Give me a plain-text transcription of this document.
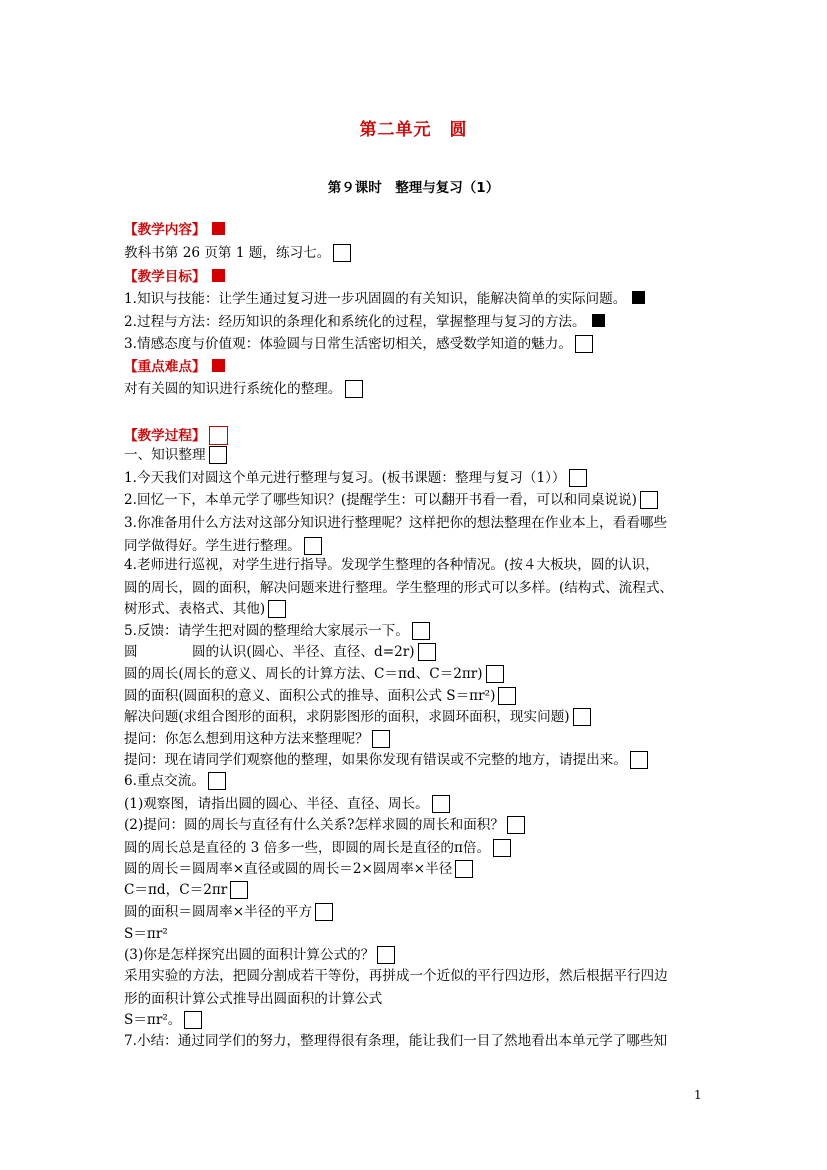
第二单元　圆
第９课时　整理与复习（1）
【教学内容】
教科书第 26 页第 1 题，练习七。
【教学目标】
1.知识与技能：让学生通过复习进一步巩固圆的有关知识，能解决简单的实际问题。
2.过程与方法：经历知识的条理化和系统化的过程，掌握整理与复习的方法。
3.情感态度与价值观：体验圆与日常生活密切相关，感受数学知道的魅力。
【重点难点】
对有关圆的知识进行系统化的整理。
【教学过程】
一、知识整理
1.今天我们对圆这个单元进行整理与复习。(板书课题：整理与复习（1））
2.回忆一下，本单元学了哪些知识？(提醒学生：可以翻开书看一看，可以和同桌说说)
3.你准备用什么方法对这部分知识进行整理呢？这样把你的想法整理在作业本上，看看哪些
同学做得好。学生进行整理。
4.老师进行巡视，对学生进行指导。发现学生整理的各种情况。(按４大板块，圆的认识，
圆的周长，圆的面积，解决问题来进行整理。学生整理的形式可以多样。(结构式、流程式、
树形式、表格式、其他)
5.反馈：请学生把对圆的整理给大家展示一下。
圆　　　　圆的认识(圆心、半径、直径、d=2r)
圆的周长(周长的意义、周长的计算方法、C＝πd、C＝2πr)
圆的面积(圆面积的意义、面积公式的推导、面积公式 S＝πr²)
解决问题(求组合图形的面积，求阴影图形的面积，求圆环面积，现实问题)
提问：你怎么想到用这种方法来整理呢？
提问：现在请同学们观察他的整理，如果你发现有错误或不完整的地方，请提出来。
6.重点交流。
(1)观察图，请指出圆的圆心、半径、直径、周长。
(2)提问：圆的周长与直径有什么关系?怎样求圆的周长和面积？
圆的周长总是直径的 3 倍多一些，即圆的周长是直径的π倍。
圆的周长＝圆周率×直径或圆的周长＝2×圆周率×半径
C＝πd，C＝2πr
圆的面积＝圆周率×半径的平方
S＝πr²
(3)你是怎样探究出圆的面积计算公式的？
采用实验的方法，把圆分割成若干等份，再拼成一个近似的平行四边形，然后根据平行四边
形的面积计算公式推导出圆面积的计算公式
S＝πr²。
7.小结：通过同学们的努力，整理得很有条理，能让我们一目了然地看出本单元学了哪些知
1
